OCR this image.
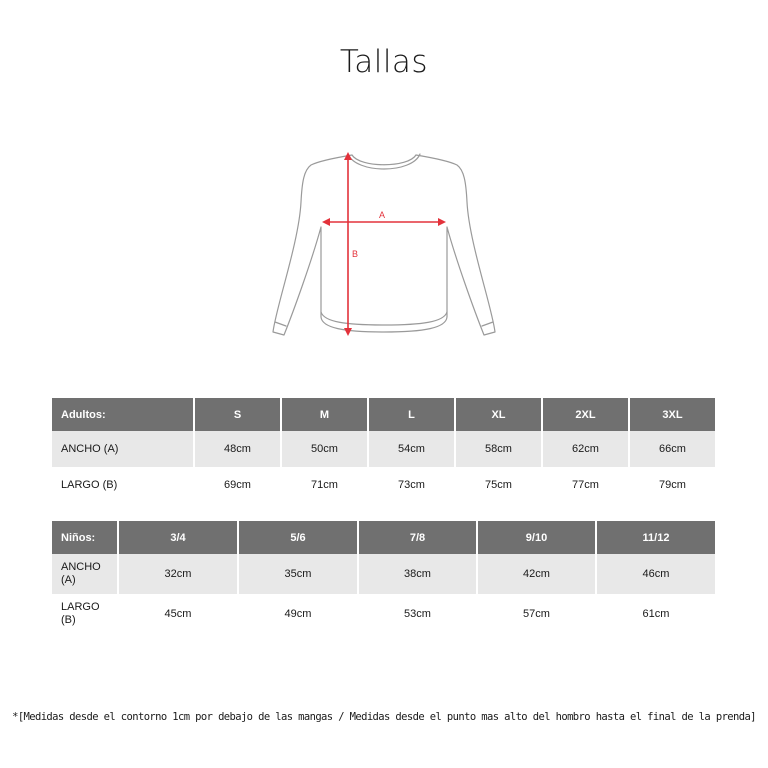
Tallas
A
B
Adultos:	S	M	L	XL	2XL	3XL
ANCHO (A)	48cm	50cm	54cm	58cm	62cm	66cm
LARGO (B)	69cm	71cm	73cm	75cm	77cm	79cm
Niños:	3/4	5/6	7/8	9/10	11/12
ANCHO
(A)	32cm	35cm	38cm	42cm	46cm
LARGO
(B)	45cm	49cm	53cm	57cm	61cm
*[Medidas desde el contorno 1cm por debajo de las mangas / Medidas desde el punto mas alto del hombro hasta el final de la prenda]
